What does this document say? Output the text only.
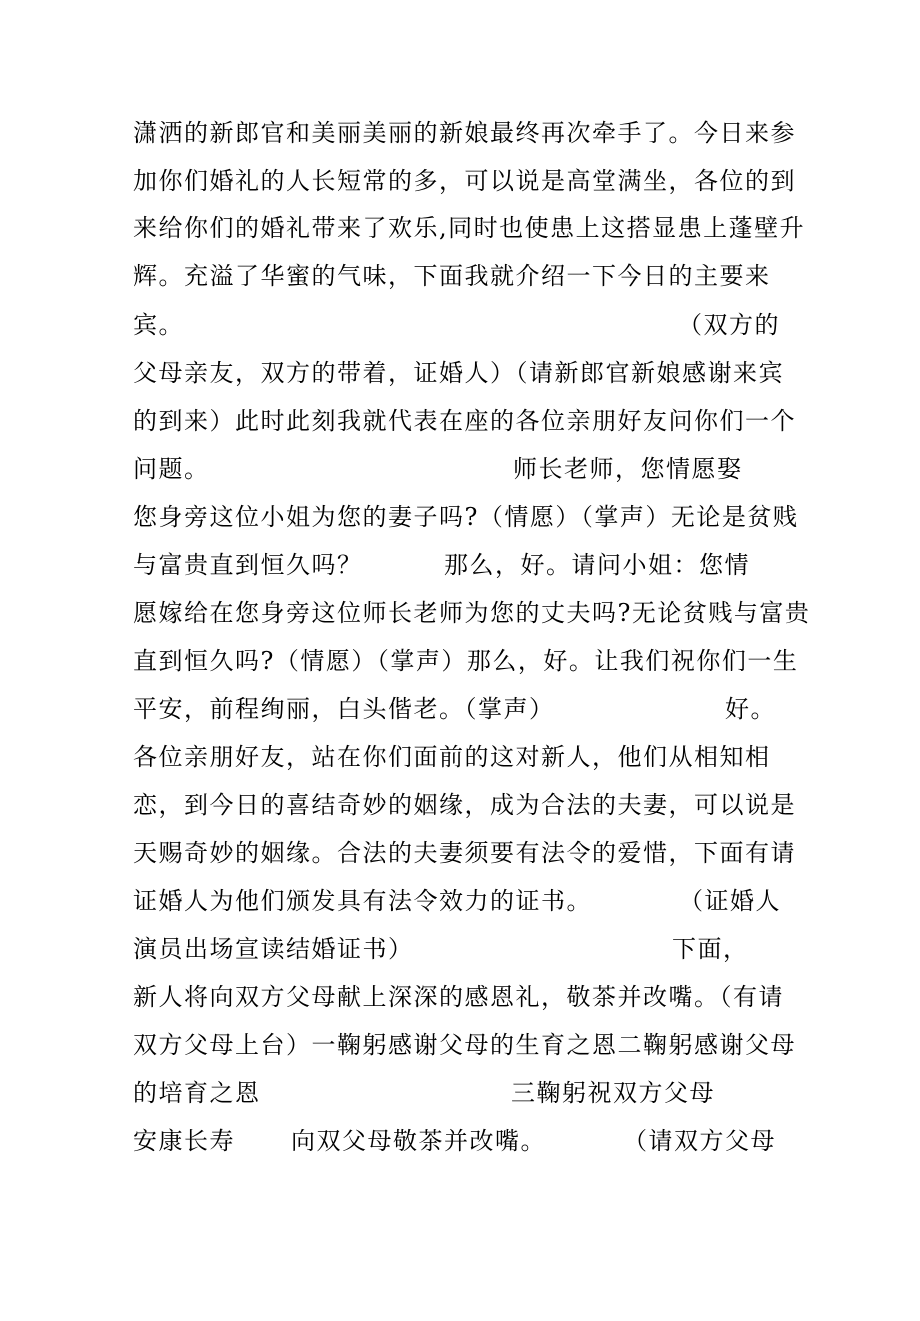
潇洒的新郎官和美丽美丽的新娘最终再次牵手了。今日来参

加你们婚礼的人长短常的多，可以说是高堂满坐，各位的到

来给你们的婚礼带来了欢乐,同时也使患上这搭显患上蓬壁升

辉。充溢了华蜜的气味，下面我就介绍一下今日的主要来

宾。

	（双方的

父母亲友，双方的带着，证婚人）（请新郎官新娘感谢来宾

的到来）此时此刻我就代表在座的各位亲朋好友问你们一个

问题。

	师长老师，您情愿娶

您身旁这位小姐为您的妻子吗?（情愿）（掌声）无论是贫贱

与富贵直到恒久吗？

	那么，好。请问小姐：您情

愿嫁给在您身旁这位师长老师为您的丈夫吗?无论贫贱与富贵

直到恒久吗?（情愿）（掌声）那么，好。让我们祝你们一生

平安，前程绚丽，白头偕老。（掌声）

	好。

各位亲朋好友，站在你们面前的这对新人，他们从相知相

恋，到今日的喜结奇妙的姻缘，成为合法的夫妻，可以说是

天赐奇妙的姻缘。合法的夫妻须要有法令的爱惜，下面有请

证婚人为他们颁发具有法令效力的证书。

	（证婚人

演员出场宣读结婚证书）

	下面，

新人将向双方父母献上深深的感恩礼，敬茶并改嘴。（有请

双方父母上台）一鞠躬感谢父母的生育之恩二鞠躬感谢父母

的培育之恩

	三鞠躬祝双方父母

安康长寿

向双父母敬茶并改嘴。

	（请双方父母
